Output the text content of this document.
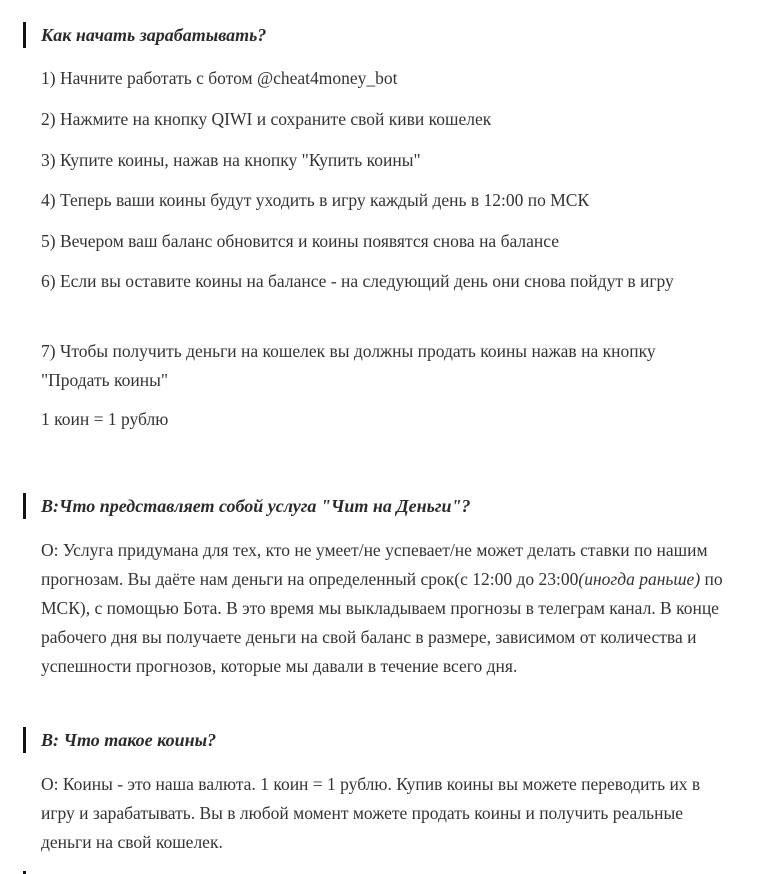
Как начать зарабатывать?

1) Начните работать с ботом @cheat4money_bot

2) Нажмите на кнопку QIWI и сохраните свой киви кошелек

3) Купите коины, нажав на кнопку "Купить коины"

4) Теперь ваши коины будут уходить в игру каждый день в 12:00 по МСК

5) Вечером ваш баланс обновится и коины появятся снова на балансе

6) Если вы оставите коины на балансе - на следующий день они снова пойдут в игру

7) Чтобы получить деньги на кошелек вы должны продать коины нажав на кнопку "Продать коины"

1 коин = 1 рублю

В:Что представляет собой услуга "Чит на Деньги"?

О: Услуга придумана для тех, кто не умеет/не успевает/не может делать ставки по нашим прогнозам. Вы даёте нам деньги на определенный срок(с 12:00 до 23:00(иногда раньше) по МСК), с помощью Бота. В это время мы выкладываем прогнозы в телеграм канал. В конце рабочего дня вы получаете деньги на свой баланс в размере, зависимом от количества и успешности прогнозов, которые мы давали в течение всего дня.

В: Что такое коины?

О: Коины - это наша валюта. 1 коин = 1 рублю. Купив коины вы можете переводить их в игру и зарабатывать. Вы в любой момент можете продать коины и получить реальные деньги на свой кошелек.
